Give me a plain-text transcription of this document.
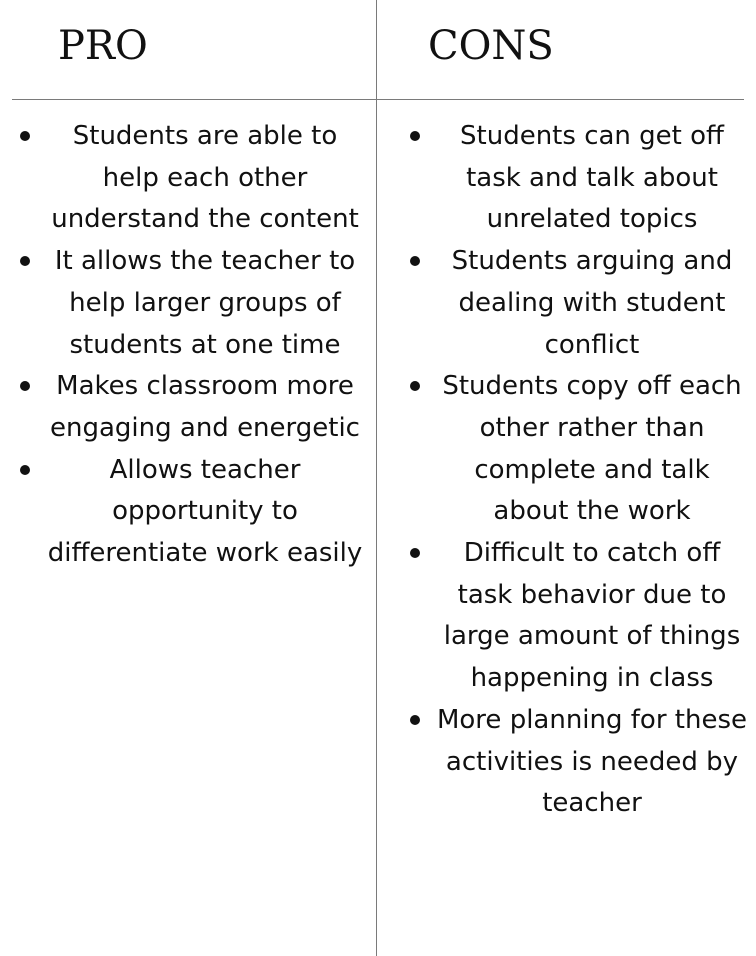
PRO	CONS
Students are able to help each other understand the content
It allows the teacher to help larger groups of students at one time
Makes classroom more engaging and energetic
Allows teacher opportunity to differentiate work easily
Students can get off task and talk about unrelated topics
Students arguing and dealing with student conflict
Students copy off each other rather than complete and talk about the work
Difficult to catch off task behavior due to large amount of things happening in class
More planning for these activities is needed by teacher
